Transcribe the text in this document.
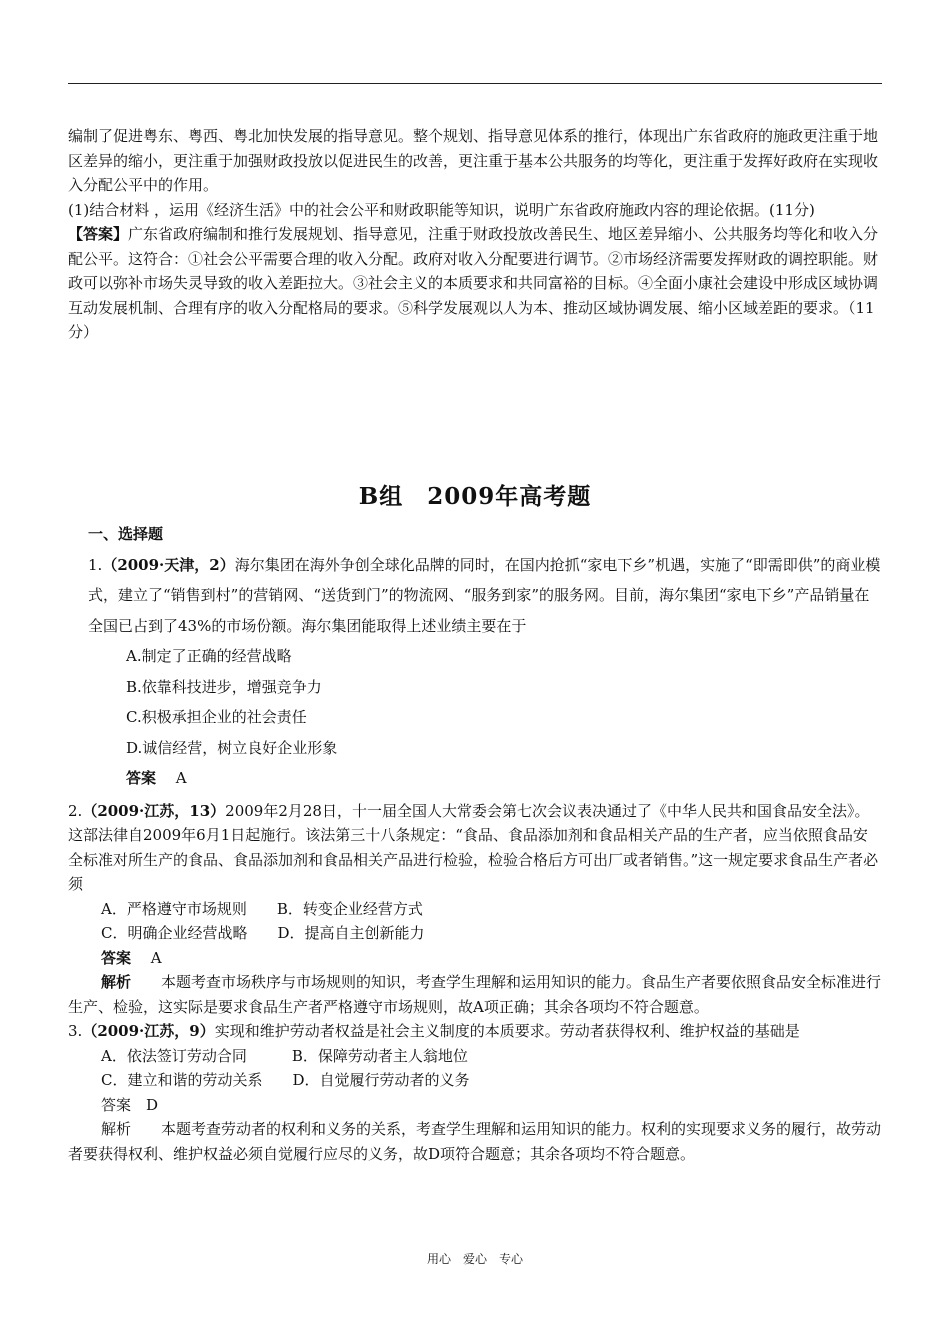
编制了促进粤东、粤西、粤北加快发展的指导意见。整个规划、指导意见体系的推行，体现出广东省政府的施政更注重于地区差异的缩小，更注重于加强财政投放以促进民生的改善，更注重于基本公共服务的均等化，更注重于发挥好政府在实现收入分配公平中的作用。

(1)结合材料 ，运用《经济生活》中的社会公平和财政职能等知识，说明广东省政府施政内容的理论依据。(11分)

【答案】广东省政府编制和推行发展规划、指导意见，注重于财政投放改善民生、地区差异缩小、公共服务均等化和收入分配公平。这符合：①社会公平需要合理的收入分配。政府对收入分配要进行调节。②市场经济需要发挥财政的调控职能。财政可以弥补市场失灵导致的收入差距拉大。③社会主义的本质要求和共同富裕的目标。④全面小康社会建设中形成区域协调互动发展机制、合理有序的收入分配格局的要求。⑤科学发展观以人为本、推动区域协调发展、缩小区域差距的要求。（11分）

B组　2009年高考题

一、选择题

1.（2009·天津，2）海尔集团在海外争创全球化品牌的同时，在国内抢抓“家电下乡”机遇，实施了“即需即供”的商业模式，建立了“销售到村”的营销网、“送货到门”的物流网、“服务到家”的服务网。目前，海尔集团“家电下乡”产品销量在全国已占到了43%的市场份额。海尔集团能取得上述业绩主要在于

A.制定了正确的经营战略

B.依靠科技进步，增强竞争力

C.积极承担企业的社会责任

D.诚信经营，树立良好企业形象

答案　 A

2.（2009·江苏，13）2009年2月28日，十一届全国人大常委会第七次会议表决通过了《中华人民共和国食品安全法》。这部法律自2009年6月1日起施行。该法第三十八条规定：“食品、食品添加剂和食品相关产品的生产者，应当依照食品安全标准对所生产的食品、食品添加剂和食品相关产品进行检验，检验合格后方可出厂或者销售。”这一规定要求食品生产者必须

A．严格遵守市场规则　　B．转变企业经营方式

C．明确企业经营战略　　D．提高自主创新能力

答案　 A

解析　　 本题考查市场秩序与市场规则的知识，考查学生理解和运用知识的能力。食品生产者要依照食品安全标准进行生产、检验，这实际是要求食品生产者严格遵守市场规则，故A项正确；其余各项均不符合题意。

3.（2009·江苏，9）实现和维护劳动者权益是社会主义制度的本质要求。劳动者获得权利、维护权益的基础是

A．依法签订劳动合同　　　B．保障劳动者主人翁地位

C．建立和谐的劳动关系　　D．自觉履行劳动者的义务

答案　 D

解析　　 本题考查劳动者的权利和义务的关系，考查学生理解和运用知识的能力。权利的实现要求义务的履行，故劳动者要获得权利、维护权益必须自觉履行应尽的义务，故D项符合题意；其余各项均不符合题意。

用心　爱心　专心
